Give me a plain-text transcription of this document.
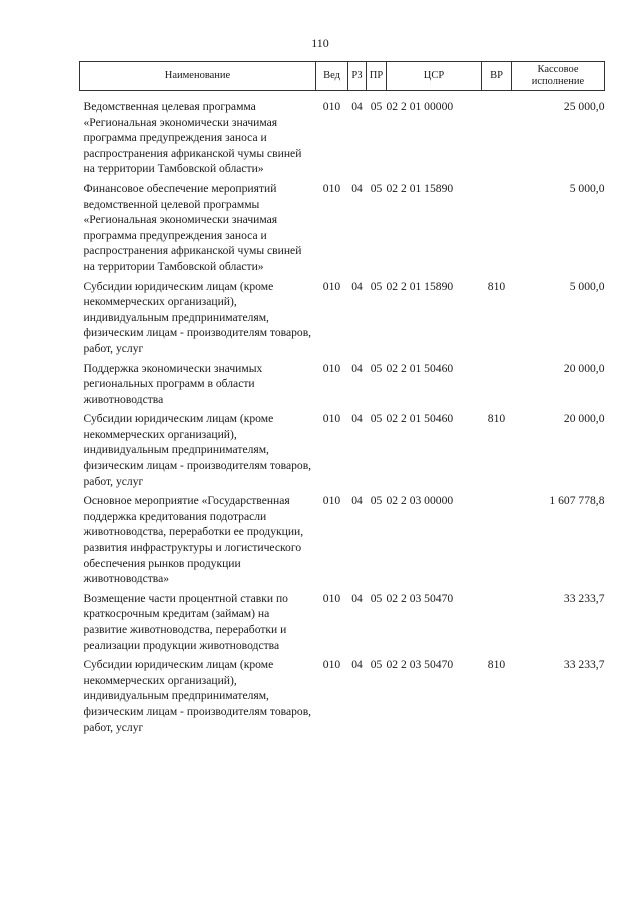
110
Наименование	Вед	РЗ	ПР	ЦСР	ВР	Кассовое исполнение
Ведомственная целевая программа «Региональная экономически значимая программа предупреждения заноса и распространения африканской чумы свиней на территории Тамбовской области»	010	04	05	02 2 01 00000		25 000,0
Финансовое обеспечение мероприятий ведомственной целевой программы «Региональная экономически значимая программа предупреждения заноса и распространения африканской чумы свиней на территории Тамбовской области»	010	04	05	02 2 01 15890		5 000,0
Субсидии юридическим лицам (кроме некоммерческих организаций), индивидуальным предпринимателям, физическим лицам - производителям товаров, работ, услуг	010	04	05	02 2 01 15890	810	5 000,0
Поддержка экономически значимых региональных программ в области животноводства	010	04	05	02 2 01 50460		20 000,0
Субсидии юридическим лицам (кроме некоммерческих организаций), индивидуальным предпринимателям, физическим лицам - производителям товаров, работ, услуг	010	04	05	02 2 01 50460	810	20 000,0
Основное мероприятие «Государственная поддержка кредитования подотрасли животноводства, переработки ее продукции, развития инфраструктуры и логистического обеспечения рынков продукции животноводства»	010	04	05	02 2 03 00000		1 607 778,8
Возмещение части процентной ставки по краткосрочным кредитам (займам) на развитие животноводства, переработки и реализации продукции животноводства	010	04	05	02 2 03 50470		33 233,7
Субсидии юридическим лицам (кроме некоммерческих организаций), индивидуальным предпринимателям, физическим лицам - производителям товаров, работ, услуг	010	04	05	02 2 03 50470	810	33 233,7
